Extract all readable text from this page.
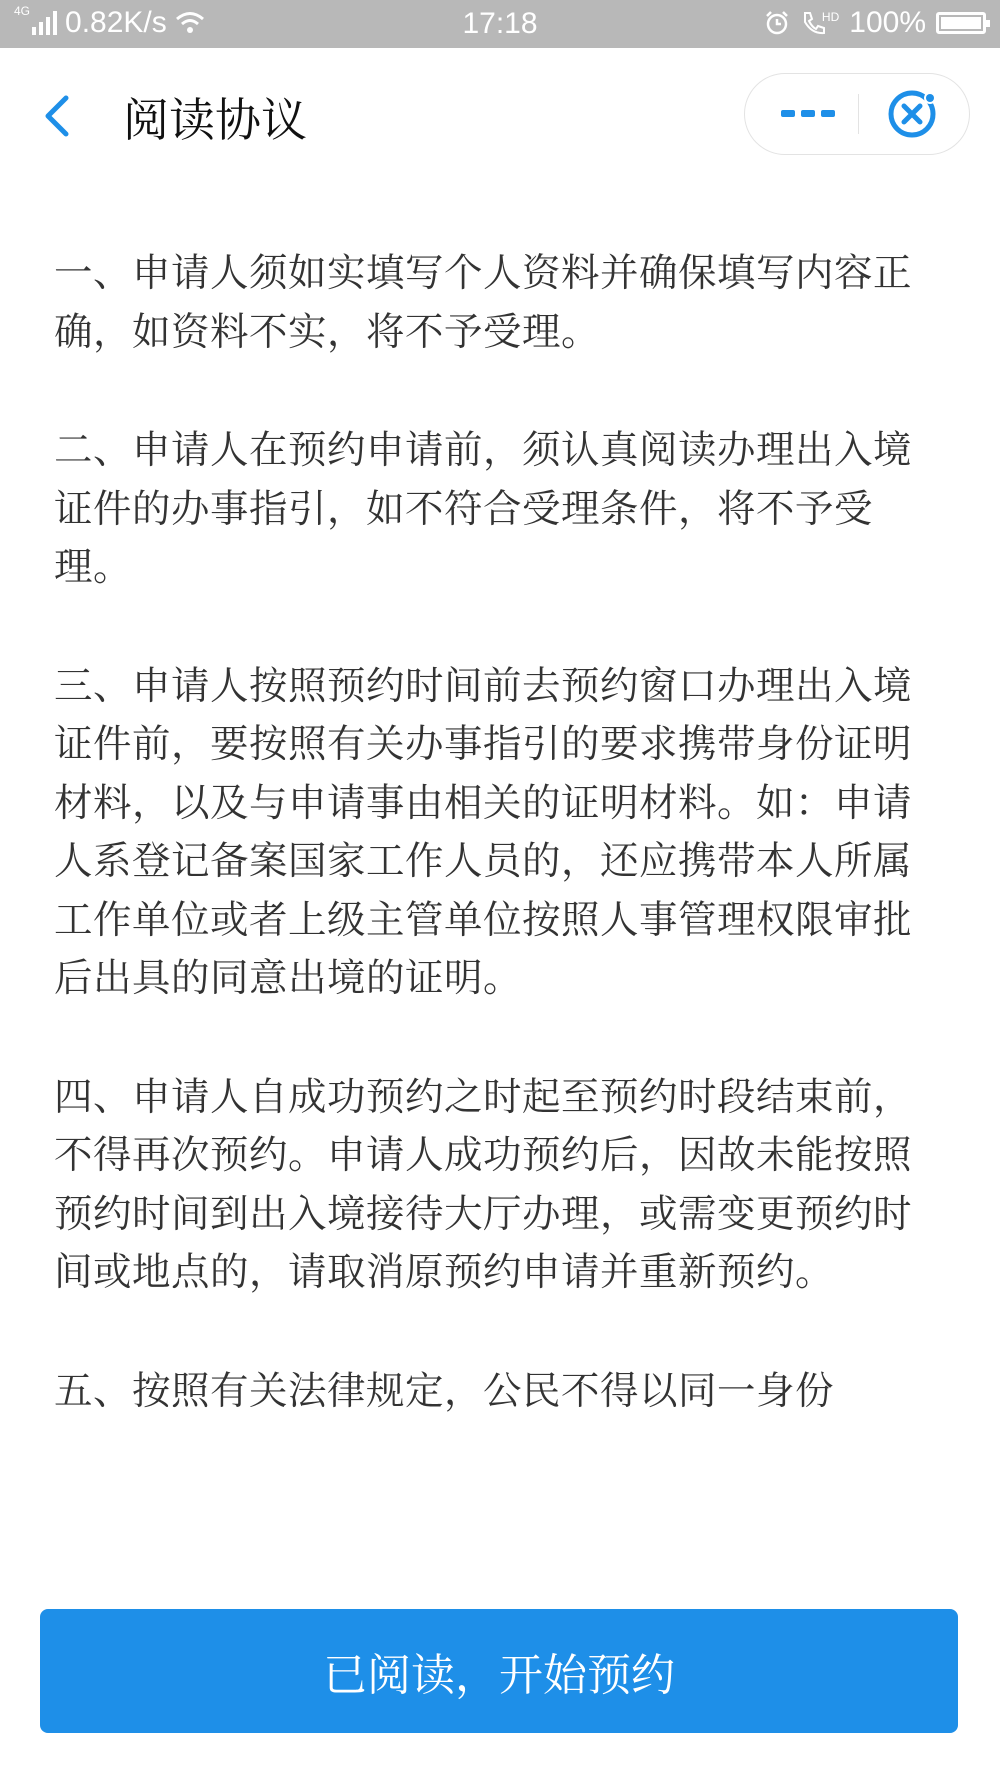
4G 0.82K/s	17:18	HD 100%
阅读协议

一、申请人须如实填写个人资料并确保填写内容正确，如资料不实，将不予受理。

二、申请人在预约申请前，须认真阅读办理出入境证件的办事指引，如不符合受理条件，将不予受理。

三、申请人按照预约时间前去预约窗口办理出入境证件前，要按照有关办事指引的要求携带身份证明材料，以及与申请事由相关的证明材料。如：申请人系登记备案国家工作人员的，还应携带本人所属工作单位或者上级主管单位按照人事管理权限审批后出具的同意出境的证明。

四、申请人自成功预约之时起至预约时段结束前，不得再次预约。申请人成功预约后，因故未能按照预约时间到出入境接待大厅办理，或需变更预约时间或地点的，请取消原预约申请并重新预约。

五、按照有关法律规定，公民不得以同一身份

已阅读，开始预约
